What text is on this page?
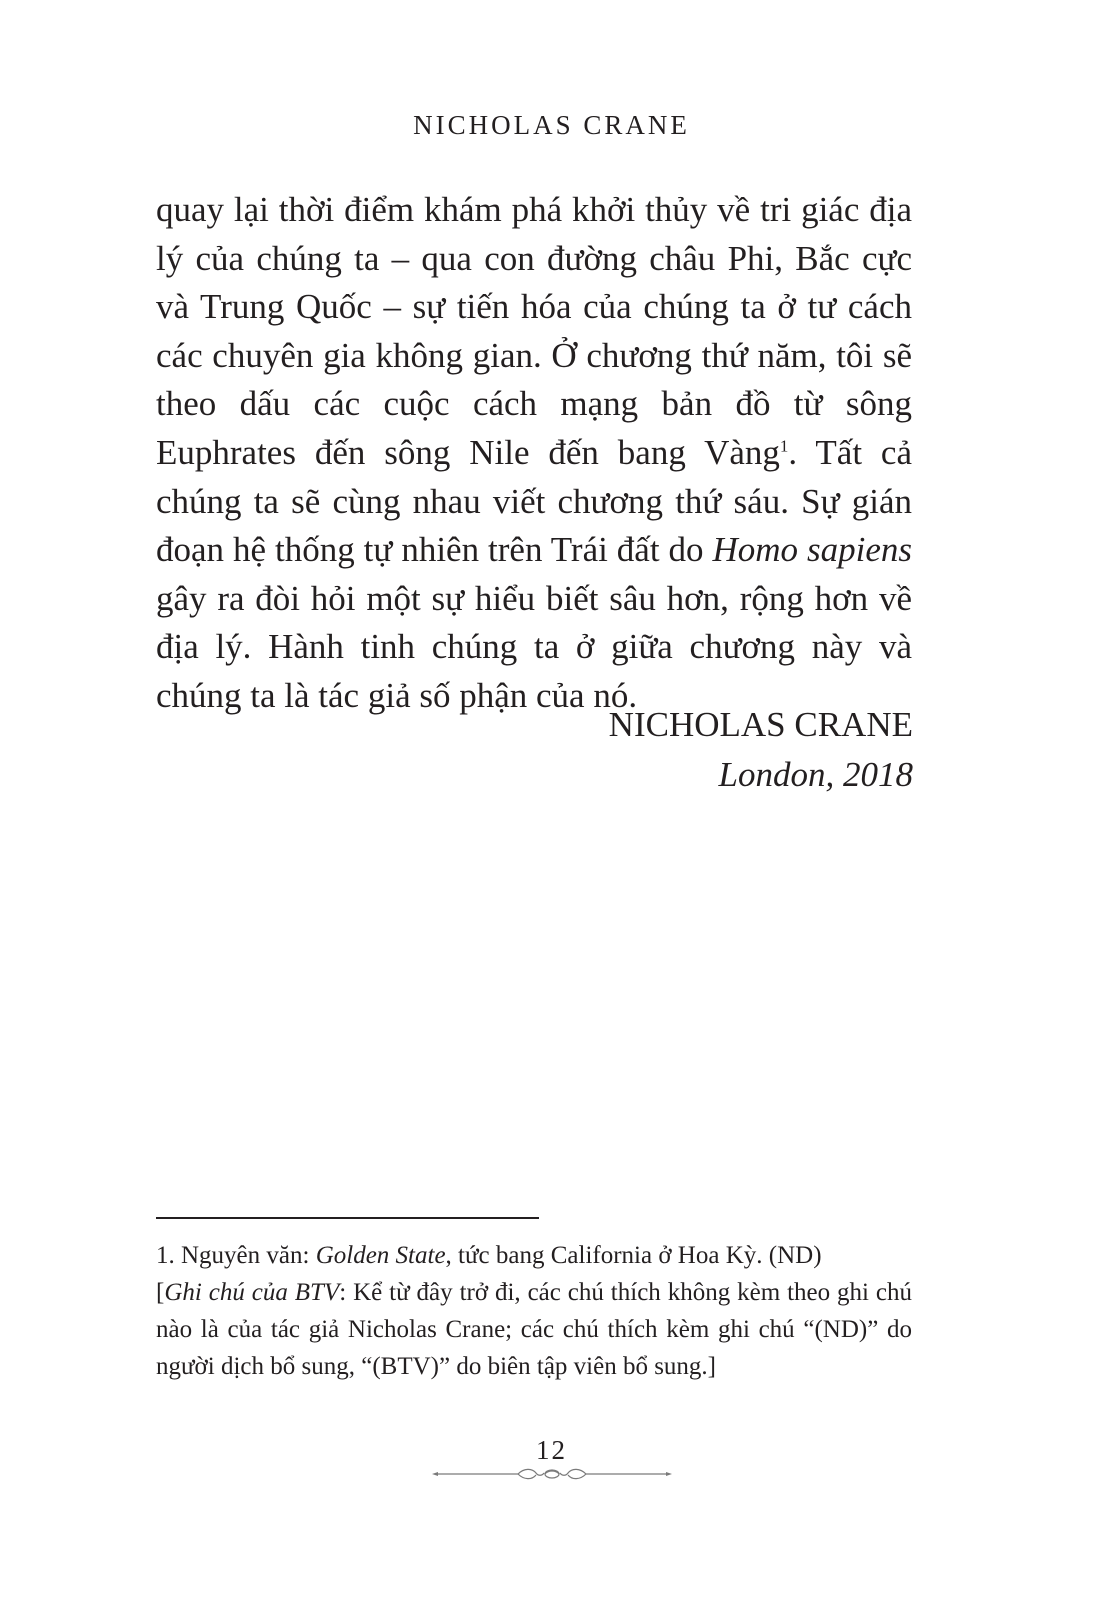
NICHOLAS CRANE
quay lại thời điểm khám phá khởi thủy về tri giác địa lý của chúng ta – qua con đường châu Phi, Bắc cực và Trung Quốc – sự tiến hóa của chúng ta ở tư cách các chuyên gia không gian. Ở chương thứ năm, tôi sẽ theo dấu các cuộc cách mạng bản đồ từ sông Euphrates đến sông Nile đến bang Vàng$^1$. Tất cả chúng ta sẽ cùng nhau viết chương thứ sáu. Sự gián đoạn hệ thống tự nhiên trên Trái đất do Homo sapiens gây ra đòi hỏi một sự hiểu biết sâu hơn, rộng hơn về địa lý. Hành tinh chúng ta ở giữa chương này và chúng ta là tác giả số phận của nó.
NICHOLAS CRANE
London, 2018
1. Nguyên văn: Golden State, tức bang California ở Hoa Kỳ. (ND)
[Ghi chú của BTV: Kể từ đây trở đi, các chú thích không kèm theo ghi chú nào là của tác giả Nicholas Crane; các chú thích kèm ghi chú “(ND)” do người dịch bổ sung, “(BTV)” do biên tập viên bổ sung.]
12
